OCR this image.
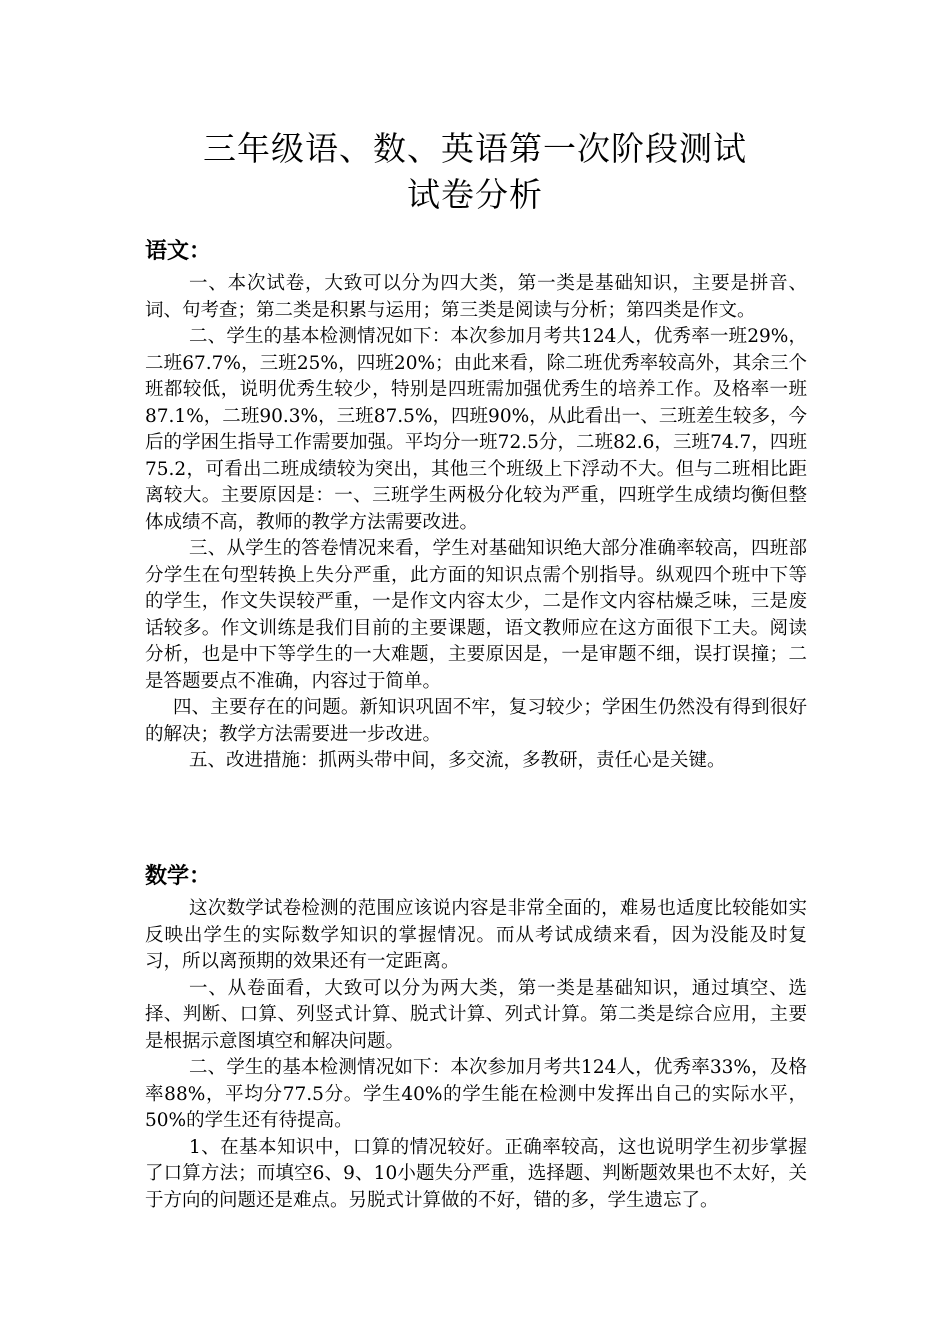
三年级语、数、英语第一次阶段测试
试卷分析
语文：

一、本次试卷，大致可以分为四大类，第一类是基础知识，主要是拼音、词、句考查；第二类是积累与运用；第三类是阅读与分析；第四类是作文。

二、学生的基本检测情况如下：本次参加月考共124人，优秀率一班29%，二班67.7%，三班25%，四班20%；由此来看，除二班优秀率较高外，其余三个班都较低，说明优秀生较少，特别是四班需加强优秀生的培养工作。及格率一班87.1%，二班90.3%，三班87.5%，四班90%，从此看出一、三班差生较多，今后的学困生指导工作需要加强。平均分一班72.5分，二班82.6，三班74.7，四班75.2，可看出二班成绩较为突出，其他三个班级上下浮动不大。但与二班相比距离较大。主要原因是：一、三班学生两极分化较为严重，四班学生成绩均衡但整体成绩不高，教师的教学方法需要改进。

三、从学生的答卷情况来看，学生对基础知识绝大部分准确率较高，四班部分学生在句型转换上失分严重，此方面的知识点需个别指导。纵观四个班中下等的学生，作文失误较严重，一是作文内容太少，二是作文内容枯燥乏味，三是废话较多。作文训练是我们目前的主要课题，语文教师应在这方面很下工夫。阅读分析，也是中下等学生的一大难题，主要原因是，一是审题不细，误打误撞；二是答题要点不准确，内容过于简单。

四、主要存在的问题。新知识巩固不牢，复习较少；学困生仍然没有得到很好的解决；教学方法需要进一步改进。

五、改进措施：抓两头带中间，多交流，多教研，责任心是关键。

数学：

这次数学试卷检测的范围应该说内容是非常全面的，难易也适度比较能如实反映出学生的实际数学知识的掌握情况。而从考试成绩来看，因为没能及时复习，所以离预期的效果还有一定距离。

一、从卷面看，大致可以分为两大类，第一类是基础知识，通过填空、选择、判断、口算、列竖式计算、脱式计算、列式计算。第二类是综合应用，主要是根据示意图填空和解决问题。

二、学生的基本检测情况如下：本次参加月考共124人，优秀率33%，及格率88%，平均分77.5分。学生40%的学生能在检测中发挥出自己的实际水平，50%的学生还有待提高。

1、在基本知识中，口算的情况较好。正确率较高，这也说明学生初步掌握了口算方法；而填空6、9、10小题失分严重，选择题、判断题效果也不太好，关于方向的问题还是难点。另脱式计算做的不好，错的多，学生遗忘了。
